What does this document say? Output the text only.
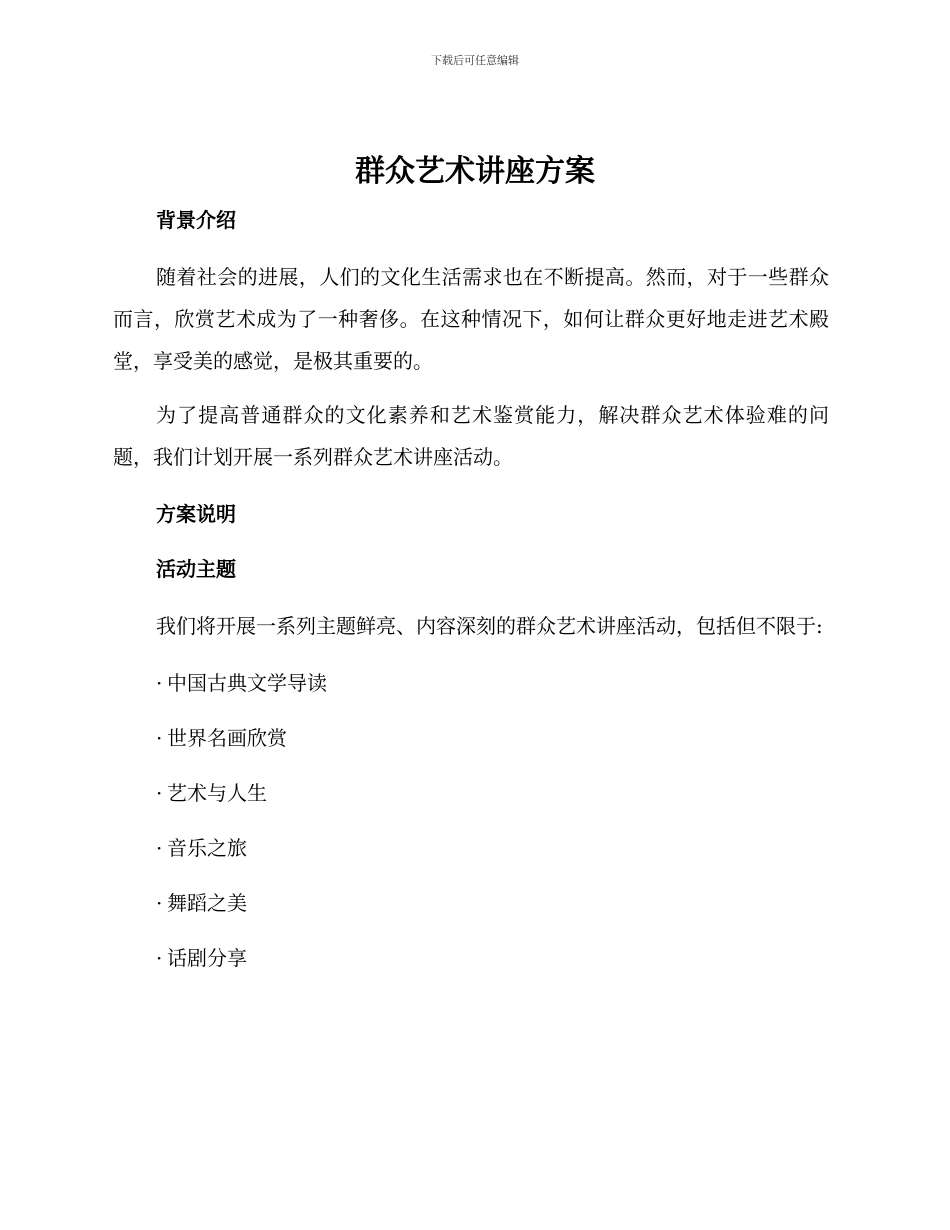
下载后可任意编辑
群众艺术讲座方案
背景介绍

随着社会的进展，人们的文化生活需求也在不断提高。然而，对于一些群众而言，欣赏艺术成为了一种奢侈。在这种情况下，如何让群众更好地走进艺术殿堂，享受美的感觉，是极其重要的。

为了提高普通群众的文化素养和艺术鉴赏能力，解决群众艺术体验难的问题，我们计划开展一系列群众艺术讲座活动。

方案说明
活动主题

我们将开展一系列主题鲜亮、内容深刻的群众艺术讲座活动，包括但不限于:

· 中国古典文学导读
· 世界名画欣赏
· 艺术与人生
· 音乐之旅
· 舞蹈之美
· 话剧分享
